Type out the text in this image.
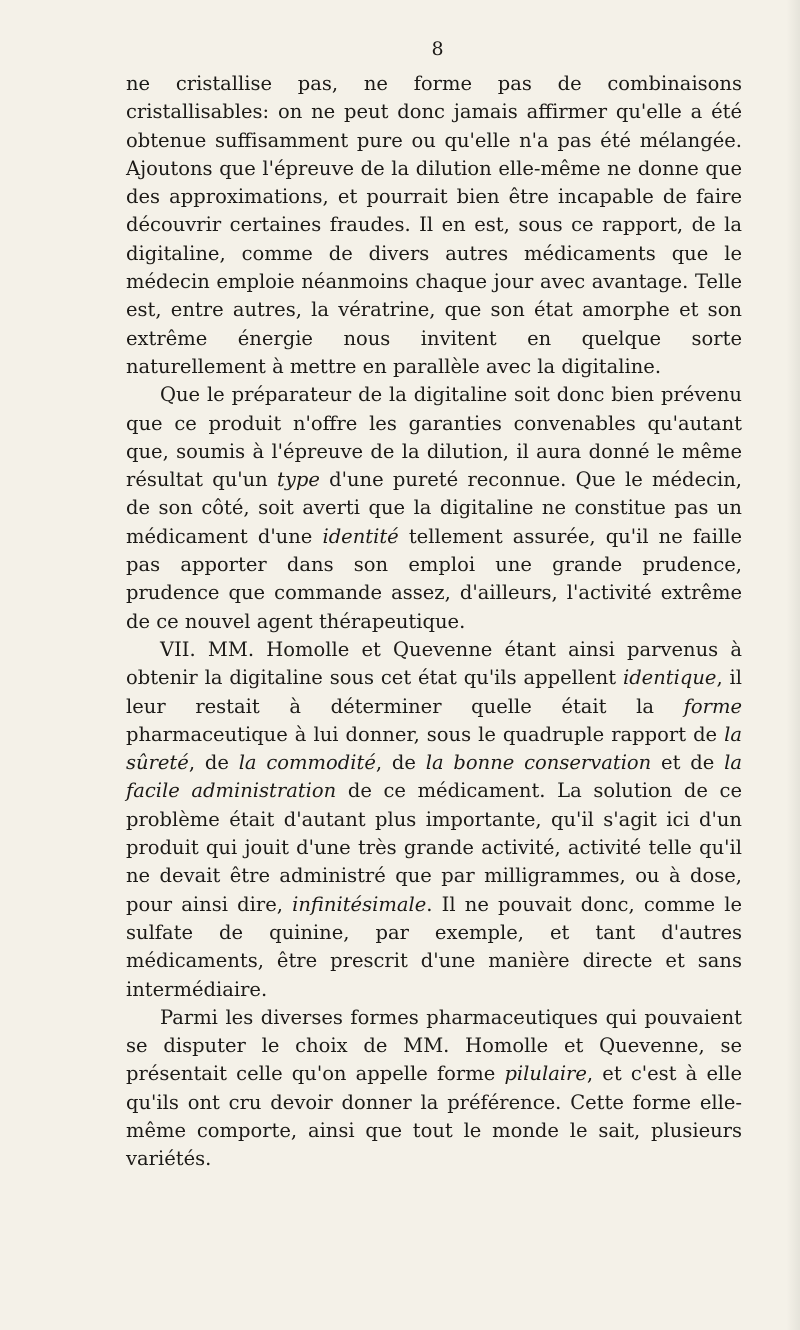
8

ne cristallise pas, ne forme pas de combinaisons cristallisables: on ne peut donc jamais affirmer qu'elle a été obtenue suffisamment pure ou qu'elle n'a pas été mélangée. Ajoutons que l'épreuve de la dilution elle-même ne donne que des approximations, et pourrait bien être incapable de faire découvrir certaines fraudes. Il en est, sous ce rapport, de la digitaline, comme de divers autres médicaments que le médecin emploie néanmoins chaque jour avec avantage. Telle est, entre autres, la vératrine, que son état amorphe et son extrême énergie nous invitent en quelque sorte naturellement à mettre en parallèle avec la digitaline.

Que le préparateur de la digitaline soit donc bien prévenu que ce produit n'offre les garanties convenables qu'autant que, soumis à l'épreuve de la dilution, il aura donné le même résultat qu'un type d'une pureté reconnue. Que le médecin, de son côté, soit averti que la digitaline ne constitue pas un médicament d'une identité tellement assurée, qu'il ne faille pas apporter dans son emploi une grande prudence, prudence que commande assez, d'ailleurs, l'activité extrême de ce nouvel agent thérapeutique.

VII. MM. Homolle et Quevenne étant ainsi parvenus à obtenir la digitaline sous cet état qu'ils appellent identique, il leur restait à déterminer quelle était la forme pharmaceutique à lui donner, sous le quadruple rapport de la sûreté, de la commodité, de la bonne conservation et de la facile administration de ce médicament. La solution de ce problème était d'autant plus importante, qu'il s'agit ici d'un produit qui jouit d'une très grande activité, activité telle qu'il ne devait être administré que par milligrammes, ou à dose, pour ainsi dire, infinitésimale. Il ne pouvait donc, comme le sulfate de quinine, par exemple, et tant d'autres médicaments, être prescrit d'une manière directe et sans intermédiaire.

Parmi les diverses formes pharmaceutiques qui pouvaient se disputer le choix de MM. Homolle et Quevenne, se présentait celle qu'on appelle forme pilulaire, et c'est à elle qu'ils ont cru devoir donner la préférence. Cette forme elle-même comporte, ainsi que tout le monde le sait, plusieurs variétés.
